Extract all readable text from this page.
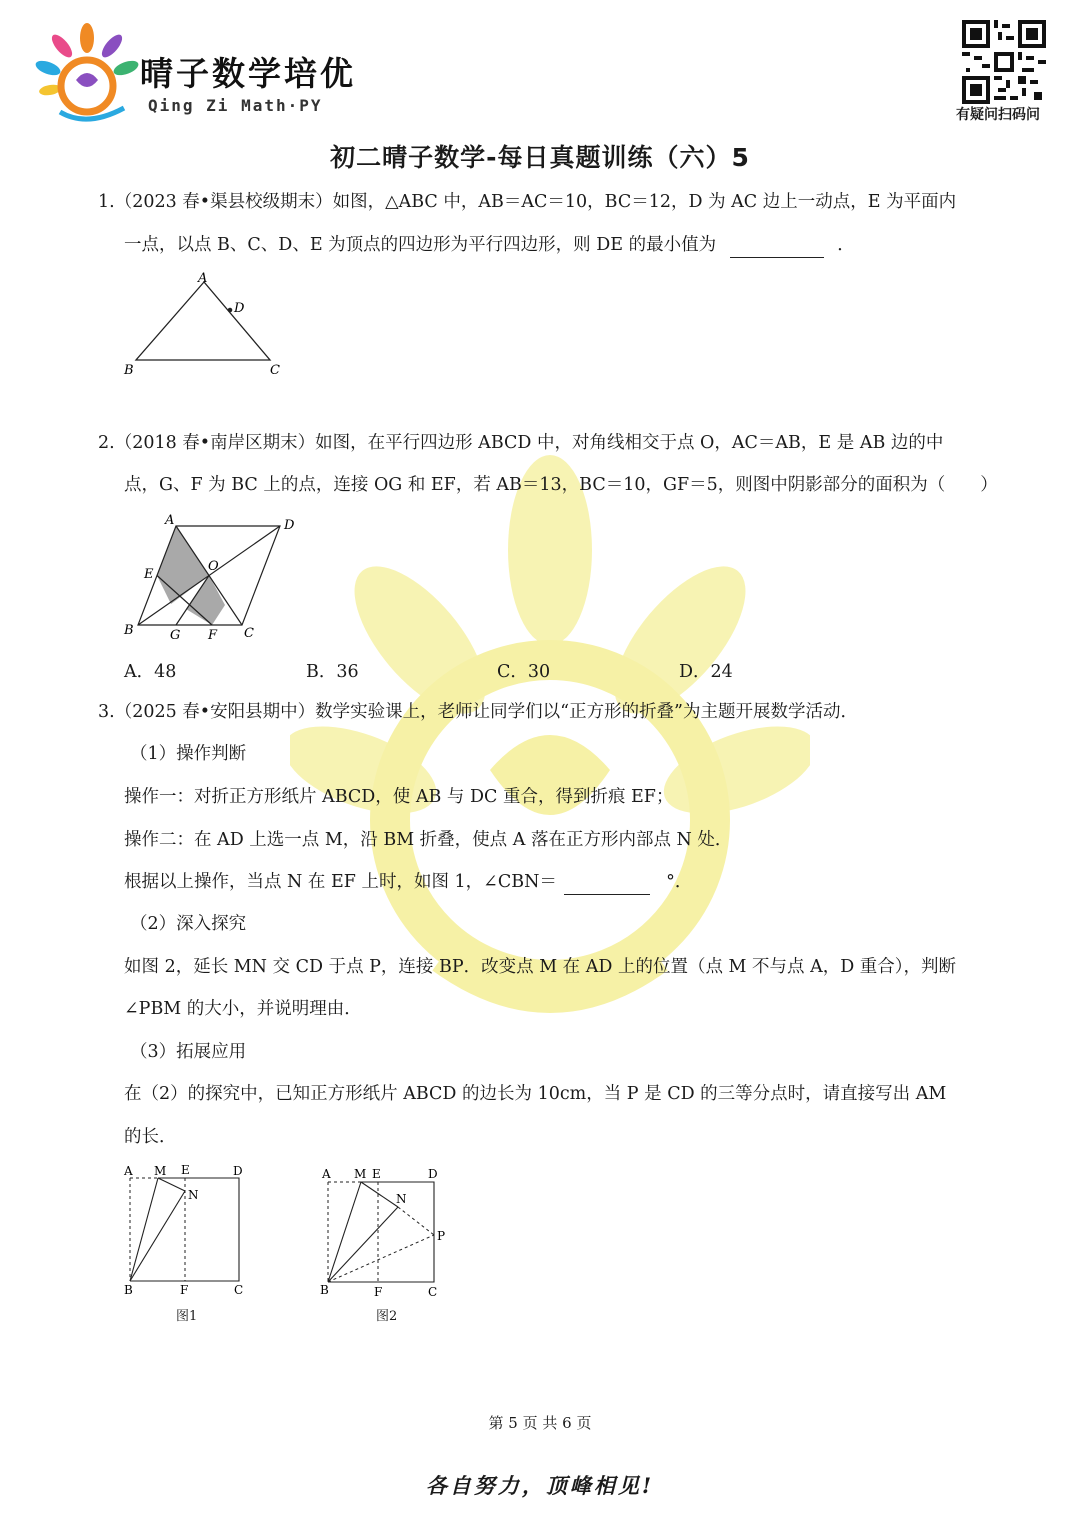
晴子数学培优
Qing Zi Math·PY	有疑问扫码问
初二晴子数学-每日真题训练（六）5
1.（2023 春•渠县校级期末）如图，△ABC 中，AB＝AC＝10，BC＝12，D 为 AC 边上一动点，E 为平面内
一点，以点 B、C、D、E 为顶点的四边形为平行四边形，则 DE 的最小值为	．
A
D
B	C
2.（2018 春•南岸区期末）如图，在平行四边形 ABCD 中，对角线相交于点 O，AC＝AB，E 是 AB 边的中
点，G、F 为 BC 上的点，连接 OG 和 EF，若 AB＝13，BC＝10，GF＝5，则图中阴影部分的面积为（　　）
A	D
E
O
B	G F C
A．48	B．36	C．30	D．24
3.（2025 春•安阳县期中）数学实验课上，老师让同学们以“正方形的折叠”为主题开展数学活动．
（1）操作判断
操作一：对折正方形纸片 ABCD，使 AB 与 DC 重合，得到折痕 EF；
操作二：在 AD 上选一点 M，沿 BM 折叠，使点 A 落在正方形内部点 N 处．
根据以上操作，当点 N 在 EF 上时，如图 1，∠CBN＝	°．
（2）深入探究
如图 2，延长 MN 交 CD 于点 P，连接 BP．改变点 M 在 AD 上的位置（点 M 不与点 A，D 重合），判断
∠PBM 的大小，并说明理由．
（3）拓展应用
在（2）的探究中，已知正方形纸片 ABCD 的边长为 10cm，当 P 是 CD 的三等分点时，请直接写出 AM
的长．
A M E	D
N
B	F	C
图1
A M E	D
N
P
B	F	C
图2
第 5 页 共 6 页
各自努力，顶峰相见!
